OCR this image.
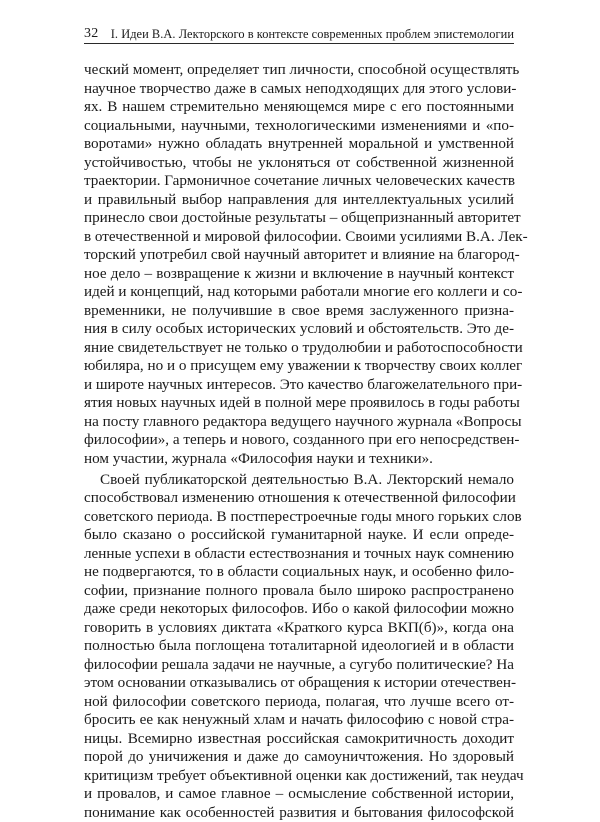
32 I. Идеи В.А. Лекторского в контексте современных проблем эпистемологии
ческий момент, определяет тип личности, способной осуществлять
научное творчество даже в самых неподходящих для этого услови-
ях. В нашем стремительно меняющемся мире с его постоянными
социальными, научными, технологическими изменениями и «по-
воротами» нужно обладать внутренней моральной и умственной
устойчивостью, чтобы не уклоняться от собственной жизненной
траектории. Гармоничное сочетание личных человеческих качеств
и правильный выбор направления для интеллектуальных усилий
принесло свои достойные результаты – общепризнанный авторитет
в отечественной и мировой философии. Своими усилиями В.А. Лек-
торский употребил свой научный авторитет и влияние на благород-
ное дело – возвращение к жизни и включение в научный контекст
идей и концепций, над которыми работали многие его коллеги и со-
временники, не получившие в свое время заслуженного призна-
ния в силу особых исторических условий и обстоятельств. Это де-
яние свидетельствует не только о трудолюбии и работоспособности
юбиляра, но и о присущем ему уважении к творчеству своих коллег
и широте научных интересов. Это качество благожелательного при-
ятия новых научных идей в полной мере проявилось в годы работы
на посту главного редактора ведущего научного журнала «Вопросы
философии», а теперь и нового, созданного при его непосредствен-
ном участии, журнала «Философия науки и техники».
Своей публикаторской деятельностью В.А. Лекторский немало
способствовал изменению отношения к отечественной философии
советского периода. В постперестроечные годы много горьких слов
было сказано о российской гуманитарной науке. И если опреде-
ленные успехи в области естествознания и точных наук сомнению
не подвергаются, то в области социальных наук, и особенно фило-
софии, признание полного провала было широко распространено
даже среди некоторых философов. Ибо о какой философии можно
говорить в условиях диктата «Краткого курса ВКП(б)», когда она
полностью была поглощена тоталитарной идеологией и в области
философии решала задачи не научные, а сугубо политические? На
этом основании отказывались от обращения к истории отечествен-
ной философии советского периода, полагая, что лучше всего от-
бросить ее как ненужный хлам и начать философию с новой стра-
ницы. Всемирно известная российская самокритичность доходит
порой до уничижения и даже до самоуничтожения. Но здоровый
критицизм требует объективной оценки как достижений, так неудач
и провалов, и самое главное – осмысление собственной истории,
понимание как особенностей развития и бытования философской
